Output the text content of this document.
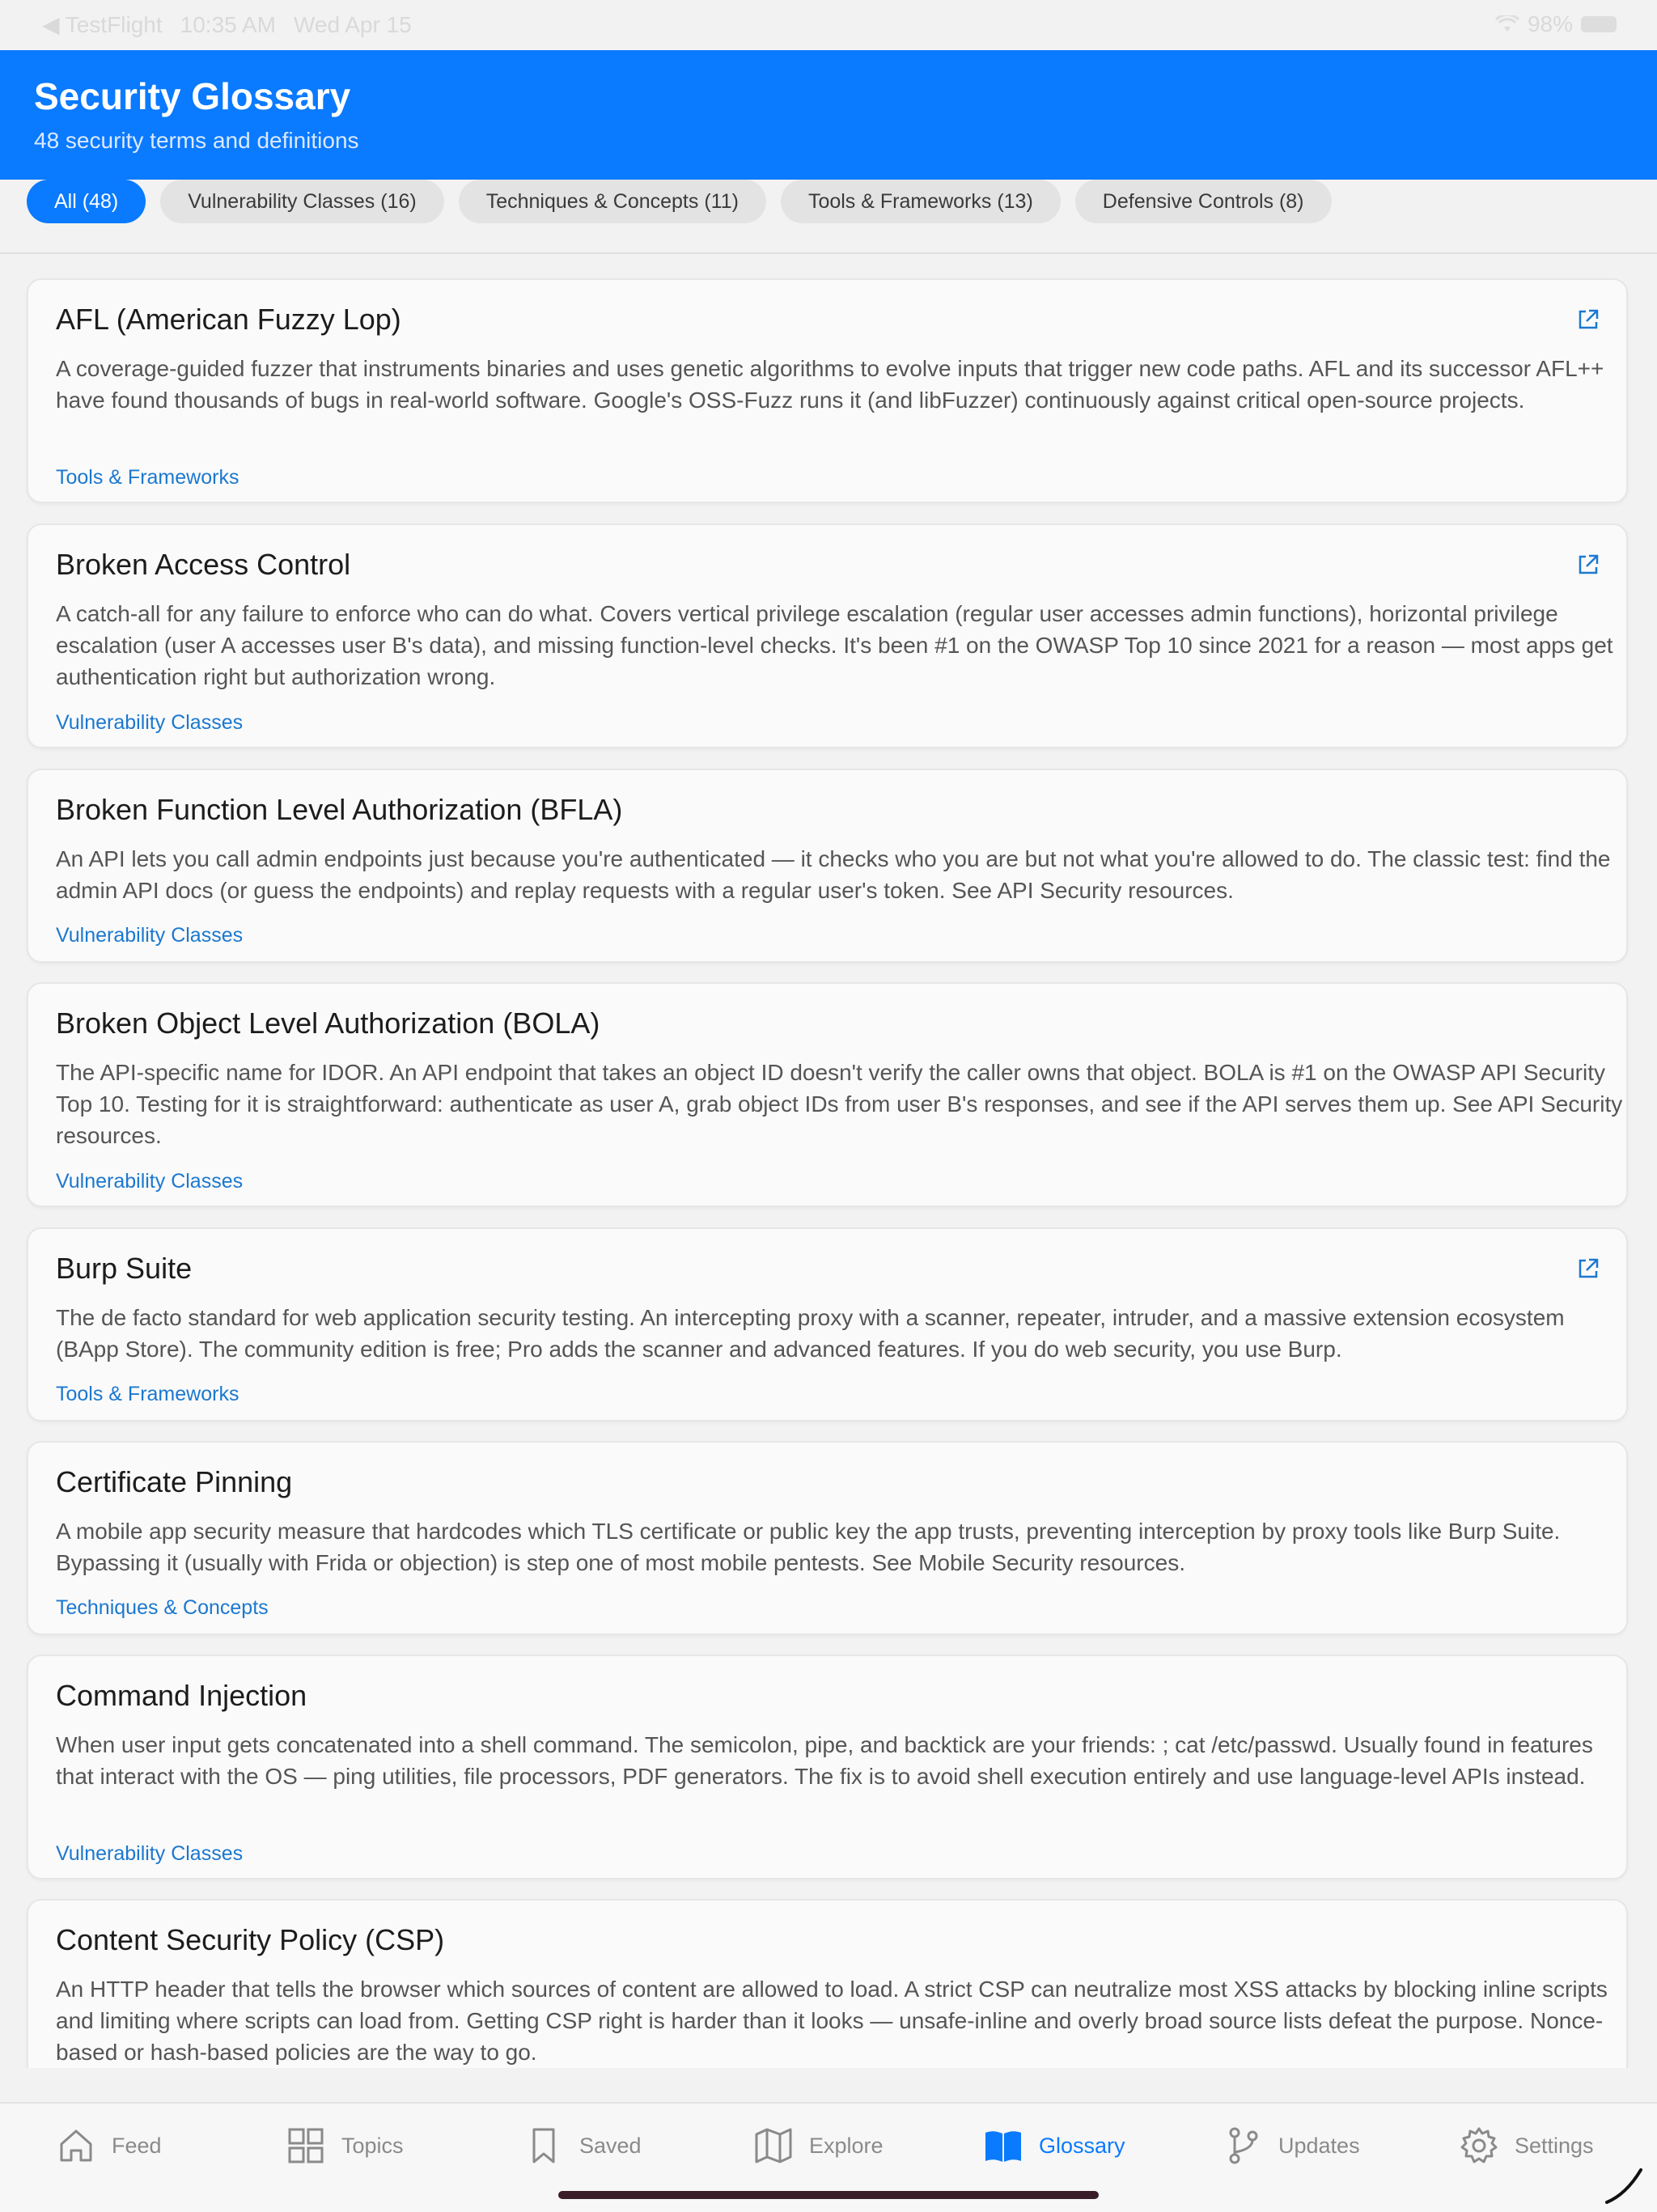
◀ TestFlight 10:35 AM Wed Apr 15	98%
Security Glossary
48 security terms and definitions
All (48)	Vulnerability Classes (16)	Techniques & Concepts (11)	Tools & Frameworks (13)	Defensive Controls (8)
AFL (American Fuzzy Lop)

A coverage-guided fuzzer that instruments binaries and uses genetic algorithms to evolve inputs that trigger new code paths. AFL and its successor AFL++ have found thousands of bugs in real-world software. Google's OSS-Fuzz runs it (and libFuzzer) continuously against critical open-source projects.

Tools & Frameworks
Broken Access Control

A catch-all for any failure to enforce who can do what. Covers vertical privilege escalation (regular user accesses admin functions), horizontal privilege escalation (user A accesses user B's data), and missing function-level checks. It's been #1 on the OWASP Top 10 since 2021 for a reason — most apps get authentication right but authorization wrong.

Vulnerability Classes
Broken Function Level Authorization (BFLA)

An API lets you call admin endpoints just because you're authenticated — it checks who you are but not what you're allowed to do. The classic test: find the admin API docs (or guess the endpoints) and replay requests with a regular user's token. See API Security resources.

Vulnerability Classes
Broken Object Level Authorization (BOLA)

The API-specific name for IDOR. An API endpoint that takes an object ID doesn't verify the caller owns that object. BOLA is #1 on the OWASP API Security Top 10. Testing for it is straightforward: authenticate as user A, grab object IDs from user B's responses, and see if the API serves them up. See API Security resources.

Vulnerability Classes
Burp Suite

The de facto standard for web application security testing. An intercepting proxy with a scanner, repeater, intruder, and a massive extension ecosystem (BApp Store). The community edition is free; Pro adds the scanner and advanced features. If you do web security, you use Burp.

Tools & Frameworks
Certificate Pinning

A mobile app security measure that hardcodes which TLS certificate or public key the app trusts, preventing interception by proxy tools like Burp Suite. Bypassing it (usually with Frida or objection) is step one of most mobile pentests. See Mobile Security resources.

Techniques & Concepts
Command Injection

When user input gets concatenated into a shell command. The semicolon, pipe, and backtick are your friends: ; cat /etc/passwd. Usually found in features that interact with the OS — ping utilities, file processors, PDF generators. The fix is to avoid shell execution entirely and use language-level APIs instead.

Vulnerability Classes
Content Security Policy (CSP)

An HTTP header that tells the browser which sources of content are allowed to load. A strict CSP can neutralize most XSS attacks by blocking inline scripts and limiting where scripts can load from. Getting CSP right is harder than it looks — unsafe-inline and overly broad source lists defeat the purpose. Nonce-based or hash-based policies are the way to go.

Feed	Topics	Saved	Explore	Glossary	Updates	Settings
